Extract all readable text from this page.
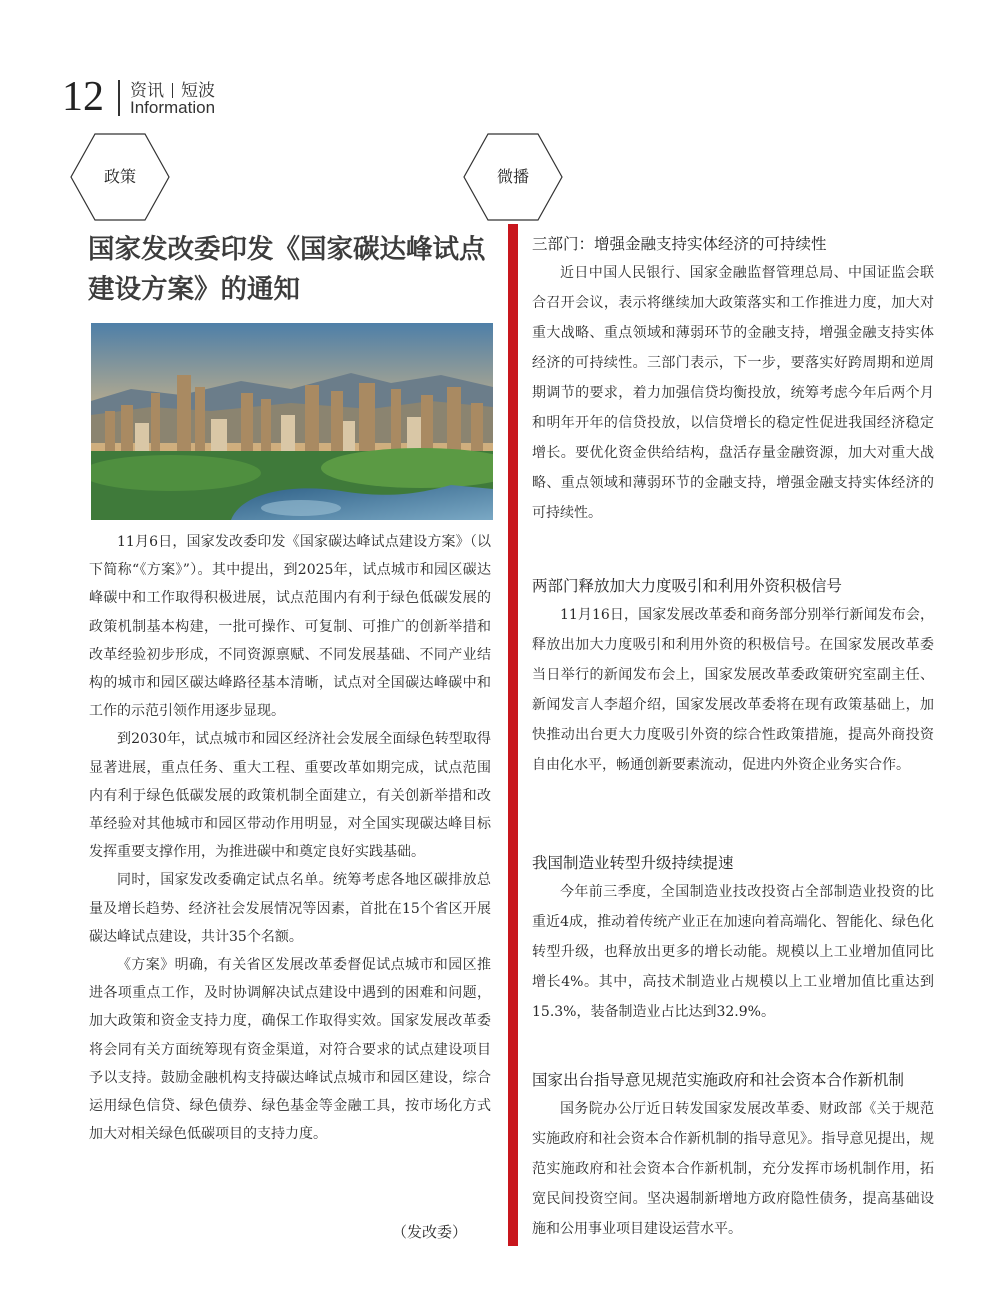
12 资讯 短波
Information
政策	微播
国家发改委印发《国家碳达峰试点建设方案》的通知

11月6日，国家发改委印发《国家碳达峰试点建设方案》（以下简称“《方案》”）。其中提出，到2025年，试点城市和园区碳达峰碳中和工作取得积极进展，试点范围内有利于绿色低碳发展的政策机制基本构建，一批可操作、可复制、可推广的创新举措和改革经验初步形成，不同资源禀赋、不同发展基础、不同产业结构的城市和园区碳达峰路径基本清晰，试点对全国碳达峰碳中和工作的示范引领作用逐步显现。

到2030年，试点城市和园区经济社会发展全面绿色转型取得显著进展，重点任务、重大工程、重要改革如期完成，试点范围内有利于绿色低碳发展的政策机制全面建立，有关创新举措和改革经验对其他城市和园区带动作用明显，对全国实现碳达峰目标发挥重要支撑作用，为推进碳中和奠定良好实践基础。

同时，国家发改委确定试点名单。统筹考虑各地区碳排放总量及增长趋势、经济社会发展情况等因素，首批在15个省区开展碳达峰试点建设，共计35个名额。

《方案》明确，有关省区发展改革委督促试点城市和园区推进各项重点工作，及时协调解决试点建设中遇到的困难和问题，加大政策和资金支持力度，确保工作取得实效。国家发展改革委将会同有关方面统筹现有资金渠道，对符合要求的试点建设项目予以支持。鼓励金融机构支持碳达峰试点城市和园区建设，综合运用绿色信贷、绿色债券、绿色基金等金融工具，按市场化方式加大对相关绿色低碳项目的支持力度。

（发改委）
三部门：增强金融支持实体经济的可持续性

近日中国人民银行、国家金融监督管理总局、中国证监会联合召开会议，表示将继续加大政策落实和工作推进力度，加大对重大战略、重点领域和薄弱环节的金融支持，增强金融支持实体经济的可持续性。三部门表示，下一步，要落实好跨周期和逆周期调节的要求，着力加强信贷均衡投放，统筹考虑今年后两个月和明年开年的信贷投放，以信贷增长的稳定性促进我国经济稳定增长。要优化资金供给结构，盘活存量金融资源，加大对重大战略、重点领域和薄弱环节的金融支持，增强金融支持实体经济的可持续性。

两部门释放加大力度吸引和利用外资积极信号

11月16日，国家发展改革委和商务部分别举行新闻发布会，释放出加大力度吸引和利用外资的积极信号。在国家发展改革委当日举行的新闻发布会上，国家发展改革委政策研究室副主任、新闻发言人李超介绍，国家发展改革委将在现有政策基础上，加快推动出台更大力度吸引外资的综合性政策措施，提高外商投资自由化水平，畅通创新要素流动，促进内外资企业务实合作。

我国制造业转型升级持续提速

今年前三季度，全国制造业技改投资占全部制造业投资的比重近4成，推动着传统产业正在加速向着高端化、智能化、绿色化转型升级，也释放出更多的增长动能。规模以上工业增加值同比增长4%。其中，高技术制造业占规模以上工业增加值比重达到15.3%，装备制造业占比达到32.9%。

国家出台指导意见规范实施政府和社会资本合作新机制

国务院办公厅近日转发国家发展改革委、财政部《关于规范实施政府和社会资本合作新机制的指导意见》。指导意见提出，规范实施政府和社会资本合作新机制，充分发挥市场机制作用，拓宽民间投资空间。坚决遏制新增地方政府隐性债务，提高基础设施和公用事业项目建设运营水平。
